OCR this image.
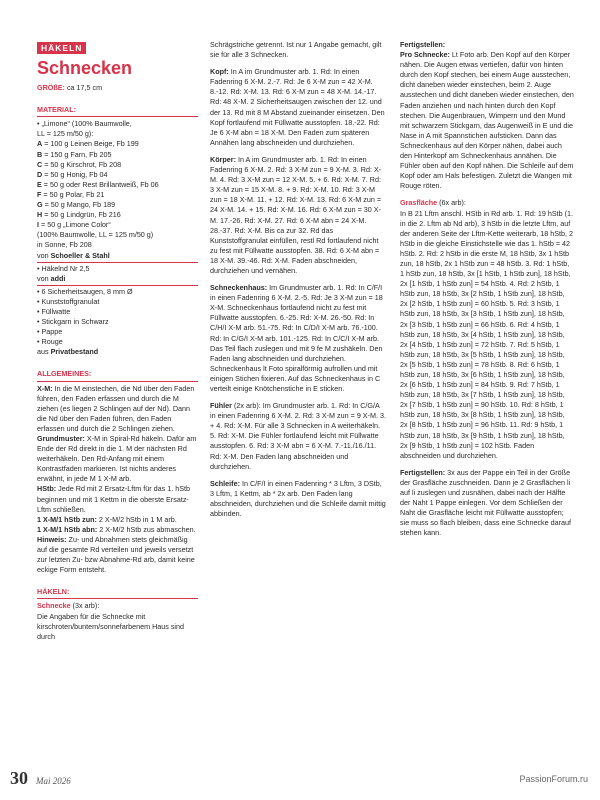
HÄKELN
Schnecken

GRÖßE: ca 17,5 cm

MATERIAL:

• „Limone“ (100% Baumwolle,

LL = 125 m/50 g):

A = 100 g Leinen Beige, Fb 199

B = 150 g Farn, Fb 205

C = 50 g Kirschrot, Fb 208

D = 50 g Honig, Fb 04

E = 50 g oder Rest Brillantweiß, Fb 06

F = 50 g Polar, Fb 21

G = 50 g Mango, Fb 189

H = 50 g Lindgrün, Fb 216

I = 50 g „Limone Color“

(100% Baumwolle, LL = 125 m/50 g)

in Sonne, Fb 208

von Schoeller & Stahl

• Häkelnd Nr 2,5

von addi

• 6 Sicherheitsaugen, 8 mm Ø

• Kunststoffgranulat

• Füllwatte

• Stickgarn in Schwarz

• Pappe

• Rouge

aus Privatbestand

ALLGEMEINES:

X-M: In die M einstechen, die Nd über den Faden führen, den Faden erfassen und durch die M ziehen (es liegen 2 Schlingen auf der Nd). Dann die Nd über den Faden führen, den Faden erfassen und durch die 2 Schlingen ziehen.

Grundmuster: X-M in Spiral-Rd häkeln. Dafür am Ende der Rd direkt in die 1. M der nächsten Rd weiterhäkeln. Den Rd-Anfang mit einem Kontrastfaden markieren. Ist nichts anderes erwähnt, in jede M 1 X-M arb.

HStb: Jede Rd mit 2 Ersatz-Lftm für das 1. hStb beginnen und mit 1 Kettm in die oberste Ersatz-Lftm schließen.

1 X-M/1 hStb zun: 2 X-M/2 hStb in 1 M arb.

1 X-M/1 hStb abn: 2 X-M/2 hStb zus abmaschen.

Hinweis: Zu- und Abnahmen stets gleichmäßig auf die gesamte Rd verteilen und jeweils versetzt zur letzten Zu- bzw Abnahme-Rd arb, damit keine eckige Form entsteht.

HÄKELN:

Schnecke (3x arb):

Die Angaben für die Schnecke mit kirschroten/buntem/sonnefarbenem Haus sind durch

Schrägstriche getrennt. Ist nur 1 Angabe gemacht, gilt sie für alle 3 Schnecken.

Kopf: In A im Grundmuster arb. 1. Rd: In einen Fadenring 6 X-M. 2.-7. Rd: Je 6 X-M zun = 42 X-M. 8.-12. Rd: X-M. 13. Rd: 6 X-M zun = 48 X-M. 14.-17. Rd: 48 X-M. 2 Sicherheitsaugen zwischen der 12. und der 13. Rd mit 8 M Abstand zueinander einsetzen. Den Kopf fortlaufend mit Füllwatte ausstopfen. 18.-22. Rd: Je 6 X-M abn = 18 X-M. Den Faden zum späteren Annähen lang abschneiden und durchziehen.

Körper: In A im Grundmuster arb. 1. Rd: In einen Fadenring 6 X-M. 2. Rd: 3 X-M zun = 9 X-M. 3. Rd: X-M. 4. Rd: 3 X-M zun = 12 X-M. 5. + 6. Rd: X-M. 7. Rd: 3 X-M zun = 15 X-M. 8. + 9. Rd: X-M. 10. Rd: 3 X-M zun = 18 X-M. 11. + 12. Rd: X-M. 13. Rd: 6 X-M zun = 24 X-M. 14. + 15. Rd: X-M. 16. Rd: 6 X-M zun = 30 X-M. 17.-26. Rd: X-M. 27. Rd: 6 X-M abn = 24 X-M. 28.-37. Rd: X-M. Bis ca zur 32. Rd das Kunststoffgranulat einfüllen, restl Rd fortlaufend nicht zu fest mit Füllwatte ausstopfen. 38. Rd: 6 X-M abn = 18 X-M. 39.-46. Rd: X-M. Faden abschneiden, durchziehen und vernähen.

Schneckenhaus: Im Grundmuster arb. 1. Rd: In C/F/I in einen Fadenring 6 X-M. 2.-5. Rd: Je 3 X-M zun = 18 X-M. Schneckenhaus fortlaufend nicht zu fest mit Füllwatte ausstopfen. 6.-25. Rd: X-M. 26.-50. Rd: In C/H/I X-M arb. 51.-75. Rd: In C/D/I X-M arb. 76.-100. Rd: In C/G/I X-M arb. 101.-125. Rd: In C/C/I X-M arb. Das Teil flach zuslegen und mit 9 fe M zushäkeln. Den Faden lang abschneiden und durchziehen. Schneckenhaus lt Foto spiralförmig aufrollen und mit einigen Stichen fixieren. Auf das Schneckenhaus in C verteilt einige Knötchenstiche in E sticken.

Fühler (2x arb): Im Grundmuster arb. 1. Rd: In C/G/A in einen Fadenring 6 X-M. 2. Rd: 3 X-M zun = 9 X-M. 3. + 4. Rd: X-M. Für alle 3 Schnecken in A weiterhäkeln. 5. Rd: X-M. Die Fühler fortlaufend leicht mit Füllwatte ausstopfen. 6. Rd: 3 X-M abn = 6 X-M. 7.-11./16./11. Rd: X-M. Den Faden lang abschneiden und durchziehen.

Schleife: In C/F/I in einen Fadenring * 3 Lftm, 3 DStb, 3 Lftm, 1 Kettm, ab * 2x arb. Den Faden lang abschneiden, durchziehen und die Schleife damit mittig abbinden.

Fertigstellen:

Pro Schnecke: Lt Foto arb. Den Kopf auf den Körper nähen. Die Augen etwas vertiefen, dafür von hinten durch den Kopf stechen, bei einem Auge ausstechen, dicht daneben wieder einstechen, beim 2. Auge ausstechen und dicht daneben wieder einstechen, den Faden anziehen und nach hinten durch den Kopf stechen. Die Augenbrauen, Wimpern und den Mund mit schwarzem Stickgarn, das Augenweiß in E und die Nase in A mit Spannstichen aufsticken. Dann das Schneckenhaus auf den Körper nähen, dabei auch den Hinterkopf am Schneckenhaus annähen. Die Fühler oben auf den Kopf nähen. Die Schleife auf dem Kopf oder am Hals befestigen. Zuletzt die Wangen mit Rouge röten.

Grasfläche (6x arb):

In B 21 Lftm anschl. HStb in Rd arb. 1. Rd: 19 hStb (1. in die 2. Lftm ab Nd arb), 3 hStb in die letzte Lftm, auf der anderen Seite der Lftm-Kette weiterarb, 18 hStb, 2 hStb in die gleiche Einstichstelle wie das 1. hStb = 42 hStb. 2. Rd: 2 hStb in die erste M, 18 hStb, 3x 1 hStb zun, 18 hStb, 2x 1 hStb zun = 48 hStb. 3. Rd: 1 hStb, 1 hStb zun, 18 hStb, 3x [1 hStb, 1 hStb zun], 18 hStb, 2x [1 hStb, 1 hStb zun] = 54 hStb. 4. Rd: 2 hStb, 1 hStb zun, 18 hStb, 3x [2 hStb, 1 hStb zun], 18 hStb, 2x [2 hStb, 1 hStb zun] = 60 hStb. 5. Rd: 3 hStb, 1 hStb zun, 18 hStb, 3x [3 hStb, 1 hStb zun], 18 hStb, 2x [3 hStb, 1 hStb zun] = 66 hStb. 6. Rd: 4 hStb, 1 hStb zun, 18 hStb, 3x [4 hStb, 1 hStb zun], 18 hStb, 2x [4 hStb, 1 hStb zun] = 72 hStb. 7. Rd: 5 hStb, 1 hStb zun, 18 hStb, 3x [5 hStb, 1 hStb zun], 18 hStb, 2x [5 hStb, 1 hStb zun] = 78 hStb. 8. Rd: 6 hStb, 1 hStb zun, 18 hStb, 3x [6 hStb, 1 hStb zun], 18 hStb, 2x [6 hStb, 1 hStb zun] = 84 hStb. 9. Rd: 7 hStb, 1 hStb zun, 18 hStb, 3x [7 hStb, 1 hStb zun], 18 hStb, 2x [7 hStb, 1 hStb zun] = 90 hStb. 10. Rd: 8 hStb, 1 hStb zun, 18 hStb, 3x [8 hStb, 1 hStb zun], 18 hStb, 2x [8 hStb, 1 hStb zun] = 96 hStb. 11. Rd: 9 hStb, 1 hStb zun, 18 hStb, 3x [9 hStb, 1 hStb zun], 18 hStb, 2x [9 hStb, 1 hStb zun] = 102 hStb. Faden abschneiden und durchziehen.

Fertigstellen: 3x aus der Pappe ein Teil in der Größe der Grasfläche zuschneiden. Dann je 2 Grasflächen li auf li zuslegen und zusnähen, dabei nach der Hälfte der Naht 1 Pappe einlegen. Vor dem Schließen der Naht die Grasfläche leicht mit Füllwatte ausstopfen; sie muss so flach bleiben, dass eine Schnecke darauf stehen kann.

30 Mai 2026	PassionForum.ru
